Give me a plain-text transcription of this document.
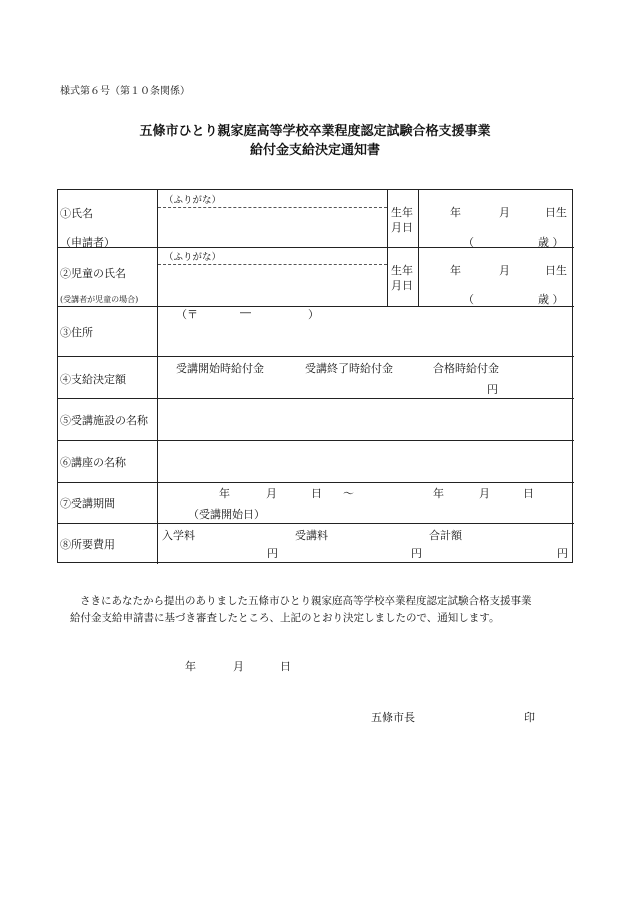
様式第６号（第１０条関係）
五條市ひとり親家庭高等学校卒業程度認定試験合格支援事業
給付金支給決定通知書
①氏名
（申請者）
（ふりがな）
生年
月日
年	月	日生
（	歳 ）
②児童の氏名
(受講者が児童の場合)
（ふりがな）
生年
月日
年	月	日生
（	歳 ）
③住所
（〒	―	）
④支給決定額
受講開始時給付金	受講終了時給付金	合格時給付金
円
⑤受講施設の名称
⑥講座の名称
⑦受講期間
年	月	日 ～	年	月	日
（受講開始日）
⑧所要費用
入学料	受講料	合計額
円	円	円
さきにあなたから提出のありました五條市ひとり親家庭高等学校卒業程度認定試験合格支援事業
給付金支給申請書に基づき審査したところ、上記のとおり決定しましたので、通知します。
年	月	日
五條市長	印
